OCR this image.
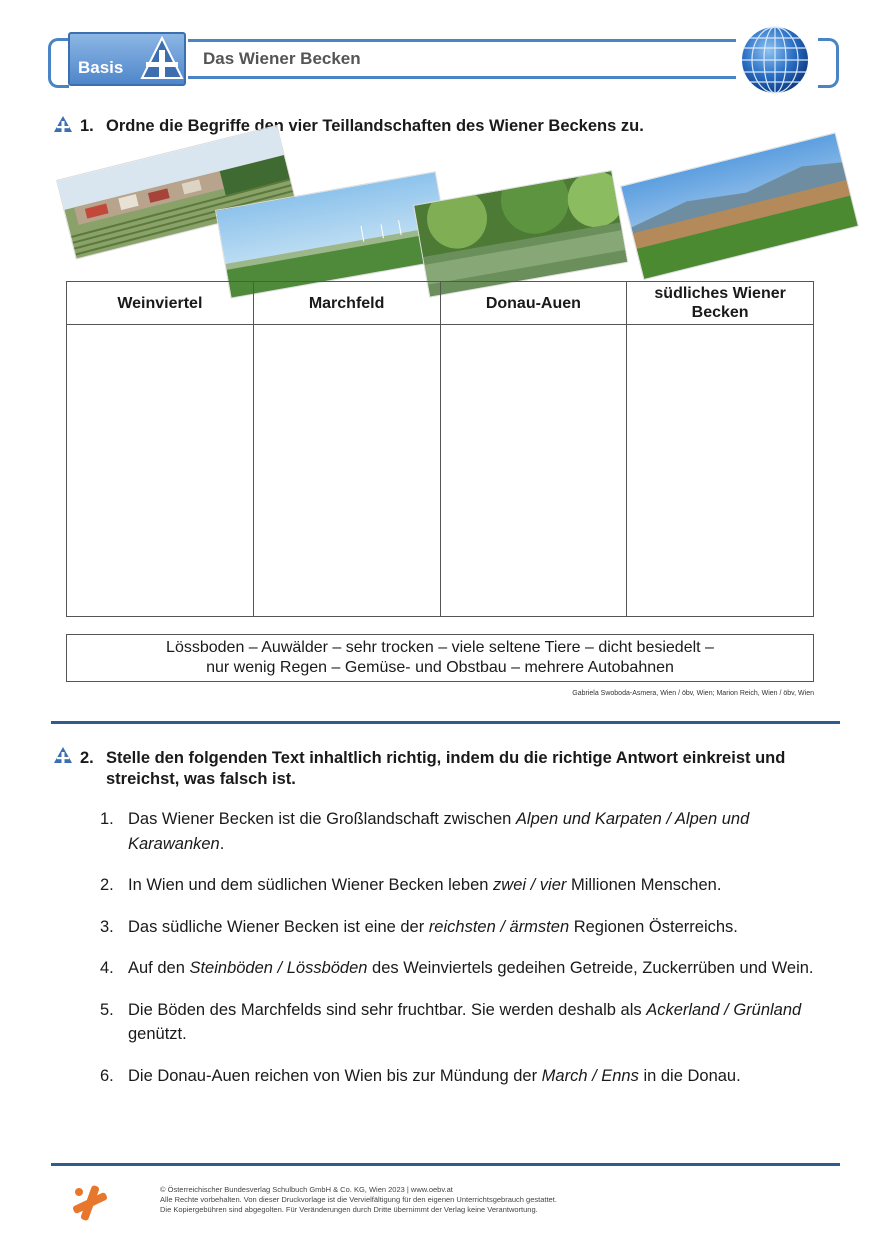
Basis	Das Wiener Becken
1. Ordne die Begriffe den vier Teillandschaften des Wiener Beckens zu.
Weinviertel	Marchfeld	Donau-Auen	südliches Wiener Becken

Lössboden – Auwälder – sehr trocken – viele seltene Tiere – dicht besiedelt –
nur wenig Regen – Gemüse- und Obstbau – mehrere Autobahnen
Gabriela Swoboda-Asmera, Wien / öbv, Wien; Marion Reich, Wien / öbv, Wien
2. Stelle den folgenden Text inhaltlich richtig, indem du die richtige Antwort einkreist und streichst, was falsch ist.
1. Das Wiener Becken ist die Großlandschaft zwischen Alpen und Karpaten / Alpen und Karawanken.
2. In Wien und dem südlichen Wiener Becken leben zwei / vier Millionen Menschen.
3. Das südliche Wiener Becken ist eine der reichsten / ärmsten Regionen Österreichs.
4. Auf den Steinböden / Lössböden des Weinviertels gedeihen Getreide, Zuckerrüben und Wein.
5. Die Böden des Marchfelds sind sehr fruchtbar. Sie werden deshalb als Ackerland / Grünland genützt.
6. Die Donau-Auen reichen von Wien bis zur Mündung der March / Enns in die Donau.
© Österreichischer Bundesverlag Schulbuch GmbH & Co. KG, Wien 2023 | www.oebv.at
Alle Rechte vorbehalten. Von dieser Druckvorlage ist die Vervielfältigung für den eigenen Unterrichtsgebrauch gestattet.
Die Kopiergebühren sind abgegolten. Für Veränderungen durch Dritte übernimmt der Verlag keine Verantwortung.
